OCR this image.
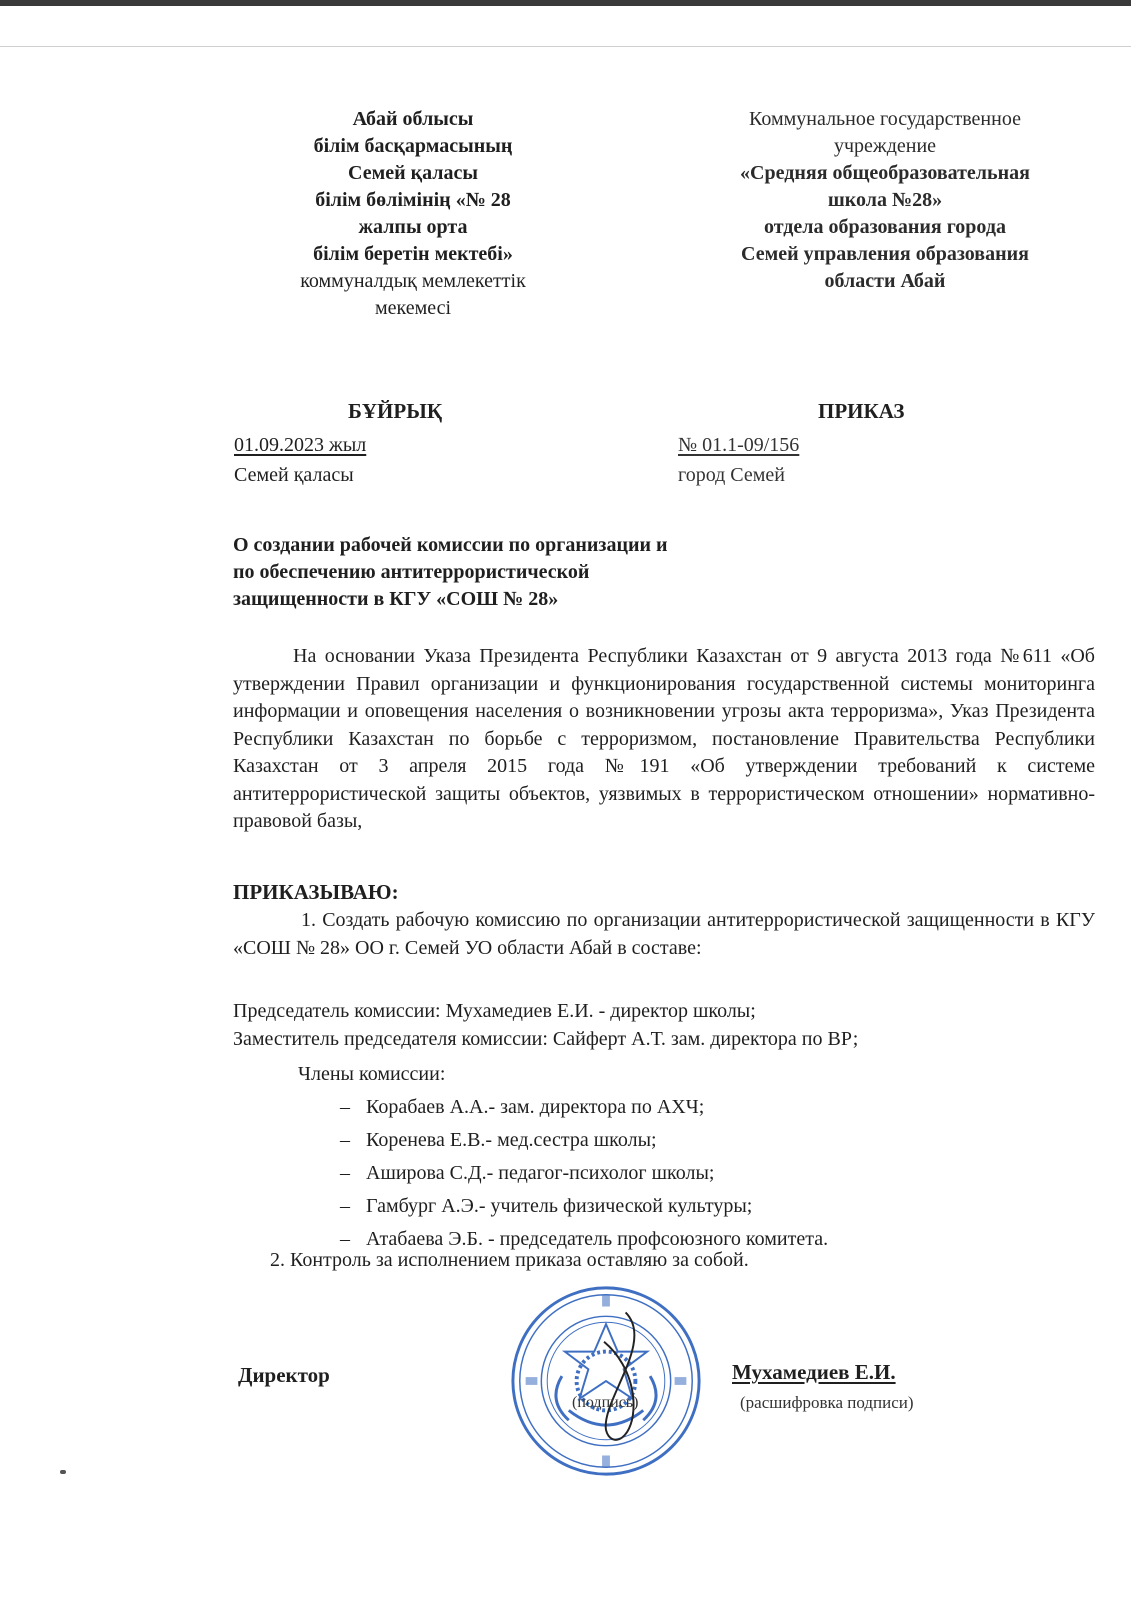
Абай облысы
білім басқармасының
Семей қаласы
білім бөлімінің «№ 28
жалпы орта
білім беретін мектебі»
коммуналдық мемлекеттік
мекемесі
Коммунальное государственное
учреждение
«Средняя общеобразовательная
школа №28»
отдела образования города
Семей управления образования
области Абай
БҰЙРЫҚ	ПРИКАЗ
01.09.2023 жыл	№ 01.1-09/156
Семей қаласы	город Семей
О создании рабочей комиссии по организации и
по обеспечению антитеррористической
защищенности в КГУ «СОШ № 28»
На основании Указа Президента Республики Казахстан от 9 августа 2013 года №611 «Об утверждении Правил организации и функционирования государственной системы мониторинга информации и оповещения населения о возникновении угрозы акта терроризма», Указ Президента Республики Казахстан по борьбе с терроризмом, постановление Правительства Республики Казахстан от 3 апреля 2015 года №191 «Об утверждении требований к системе антитеррористической защиты объектов, уязвимых в террористическом отношении» нормативно-правовой базы,
ПРИКАЗЫВАЮ:
1. Создать рабочую комиссию по организации антитеррористической защищенности в КГУ «СОШ № 28» ОО г. Семей УО области Абай в составе:
Председатель комиссии: Мухамедиев Е.И. - директор школы;
Заместитель председателя комиссии: Сайферт А.Т. зам. директора по ВР;
Члены комиссии:
– Корабаев А.А.- зам. директора по АХЧ;
– Коренева Е.В.- мед.сестра школы;
– Аширова С.Д.- педагог-психолог школы;
– Гамбург А.Э.- учитель физической культуры;
– Атабаева Э.Б. - председатель профсоюзного комитета.
2. Контроль за исполнением приказа оставляю за собой.
Директор
(подпись)
Мухамедиев Е.И.
(расшифровка подписи)
